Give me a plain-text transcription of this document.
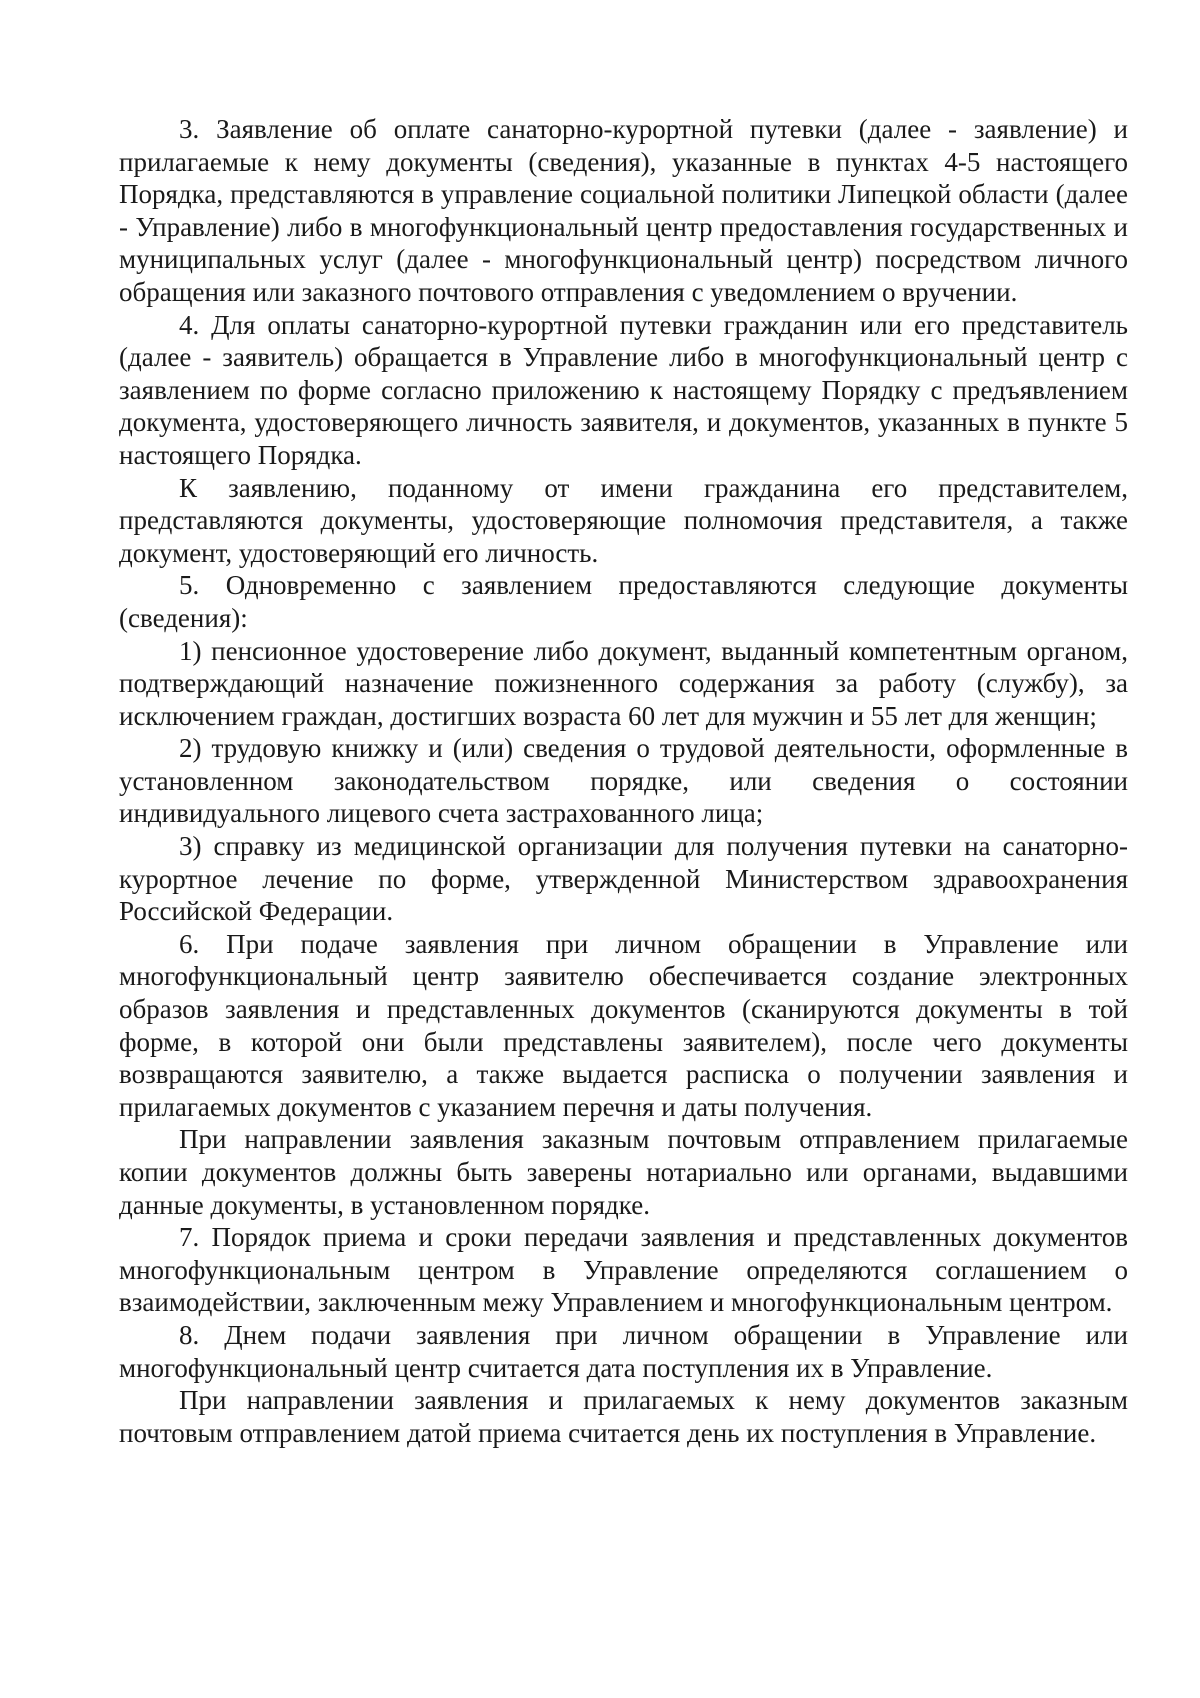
3. Заявление об оплате санаторно-курортной путевки (далее - заявление) и прилагаемые к нему документы (сведения), указанные в пунктах 4-5 настоящего Порядка, представляются в управление социальной политики Липецкой области (далее - Управление) либо в многофункциональный центр предоставления государственных и муниципальных услуг (далее - многофункциональный центр) посредством личного обращения или заказного почтового отправления с уведомлением о вручении.

4. Для оплаты санаторно-курортной путевки гражданин или его представитель (далее - заявитель) обращается в Управление либо в многофункциональный центр с заявлением по форме согласно приложению к настоящему Порядку с предъявлением документа, удостоверяющего личность заявителя, и документов, указанных в пункте 5 настоящего Порядка.

К заявлению, поданному от имени гражданина его представителем, представляются документы, удостоверяющие полномочия представителя, а также документ, удостоверяющий его личность.

5. Одновременно с заявлением предоставляются следующие документы (сведения):

1) пенсионное удостоверение либо документ, выданный компетентным органом, подтверждающий назначение пожизненного содержания за работу (службу), за исключением граждан, достигших возраста 60 лет для мужчин и 55 лет для женщин;

2) трудовую книжку и (или) сведения о трудовой деятельности, оформленные в установленном законодательством порядке, или сведения о состоянии индивидуального лицевого счета застрахованного лица;

3) справку из медицинской организации для получения путевки на санаторно-курортное лечение по форме, утвержденной Министерством здравоохранения Российской Федерации.

6. При подаче заявления при личном обращении в Управление или многофункциональный центр заявителю обеспечивается создание электронных образов заявления и представленных документов (сканируются документы в той форме, в которой они были представлены заявителем), после чего документы возвращаются заявителю, а также выдается расписка о получении заявления и прилагаемых документов с указанием перечня и даты получения.

При направлении заявления заказным почтовым отправлением прилагаемые копии документов должны быть заверены нотариально или органами, выдавшими данные документы, в установленном порядке.

7. Порядок приема и сроки передачи заявления и представленных документов многофункциональным центром в Управление определяются соглашением о взаимодействии, заключенным межу Управлением и многофункциональным центром.

8. Днем подачи заявления при личном обращении в Управление или многофункциональный центр считается дата поступления их в Управление.

При направлении заявления и прилагаемых к нему документов заказным почтовым отправлением датой приема считается день их поступления в Управление.
